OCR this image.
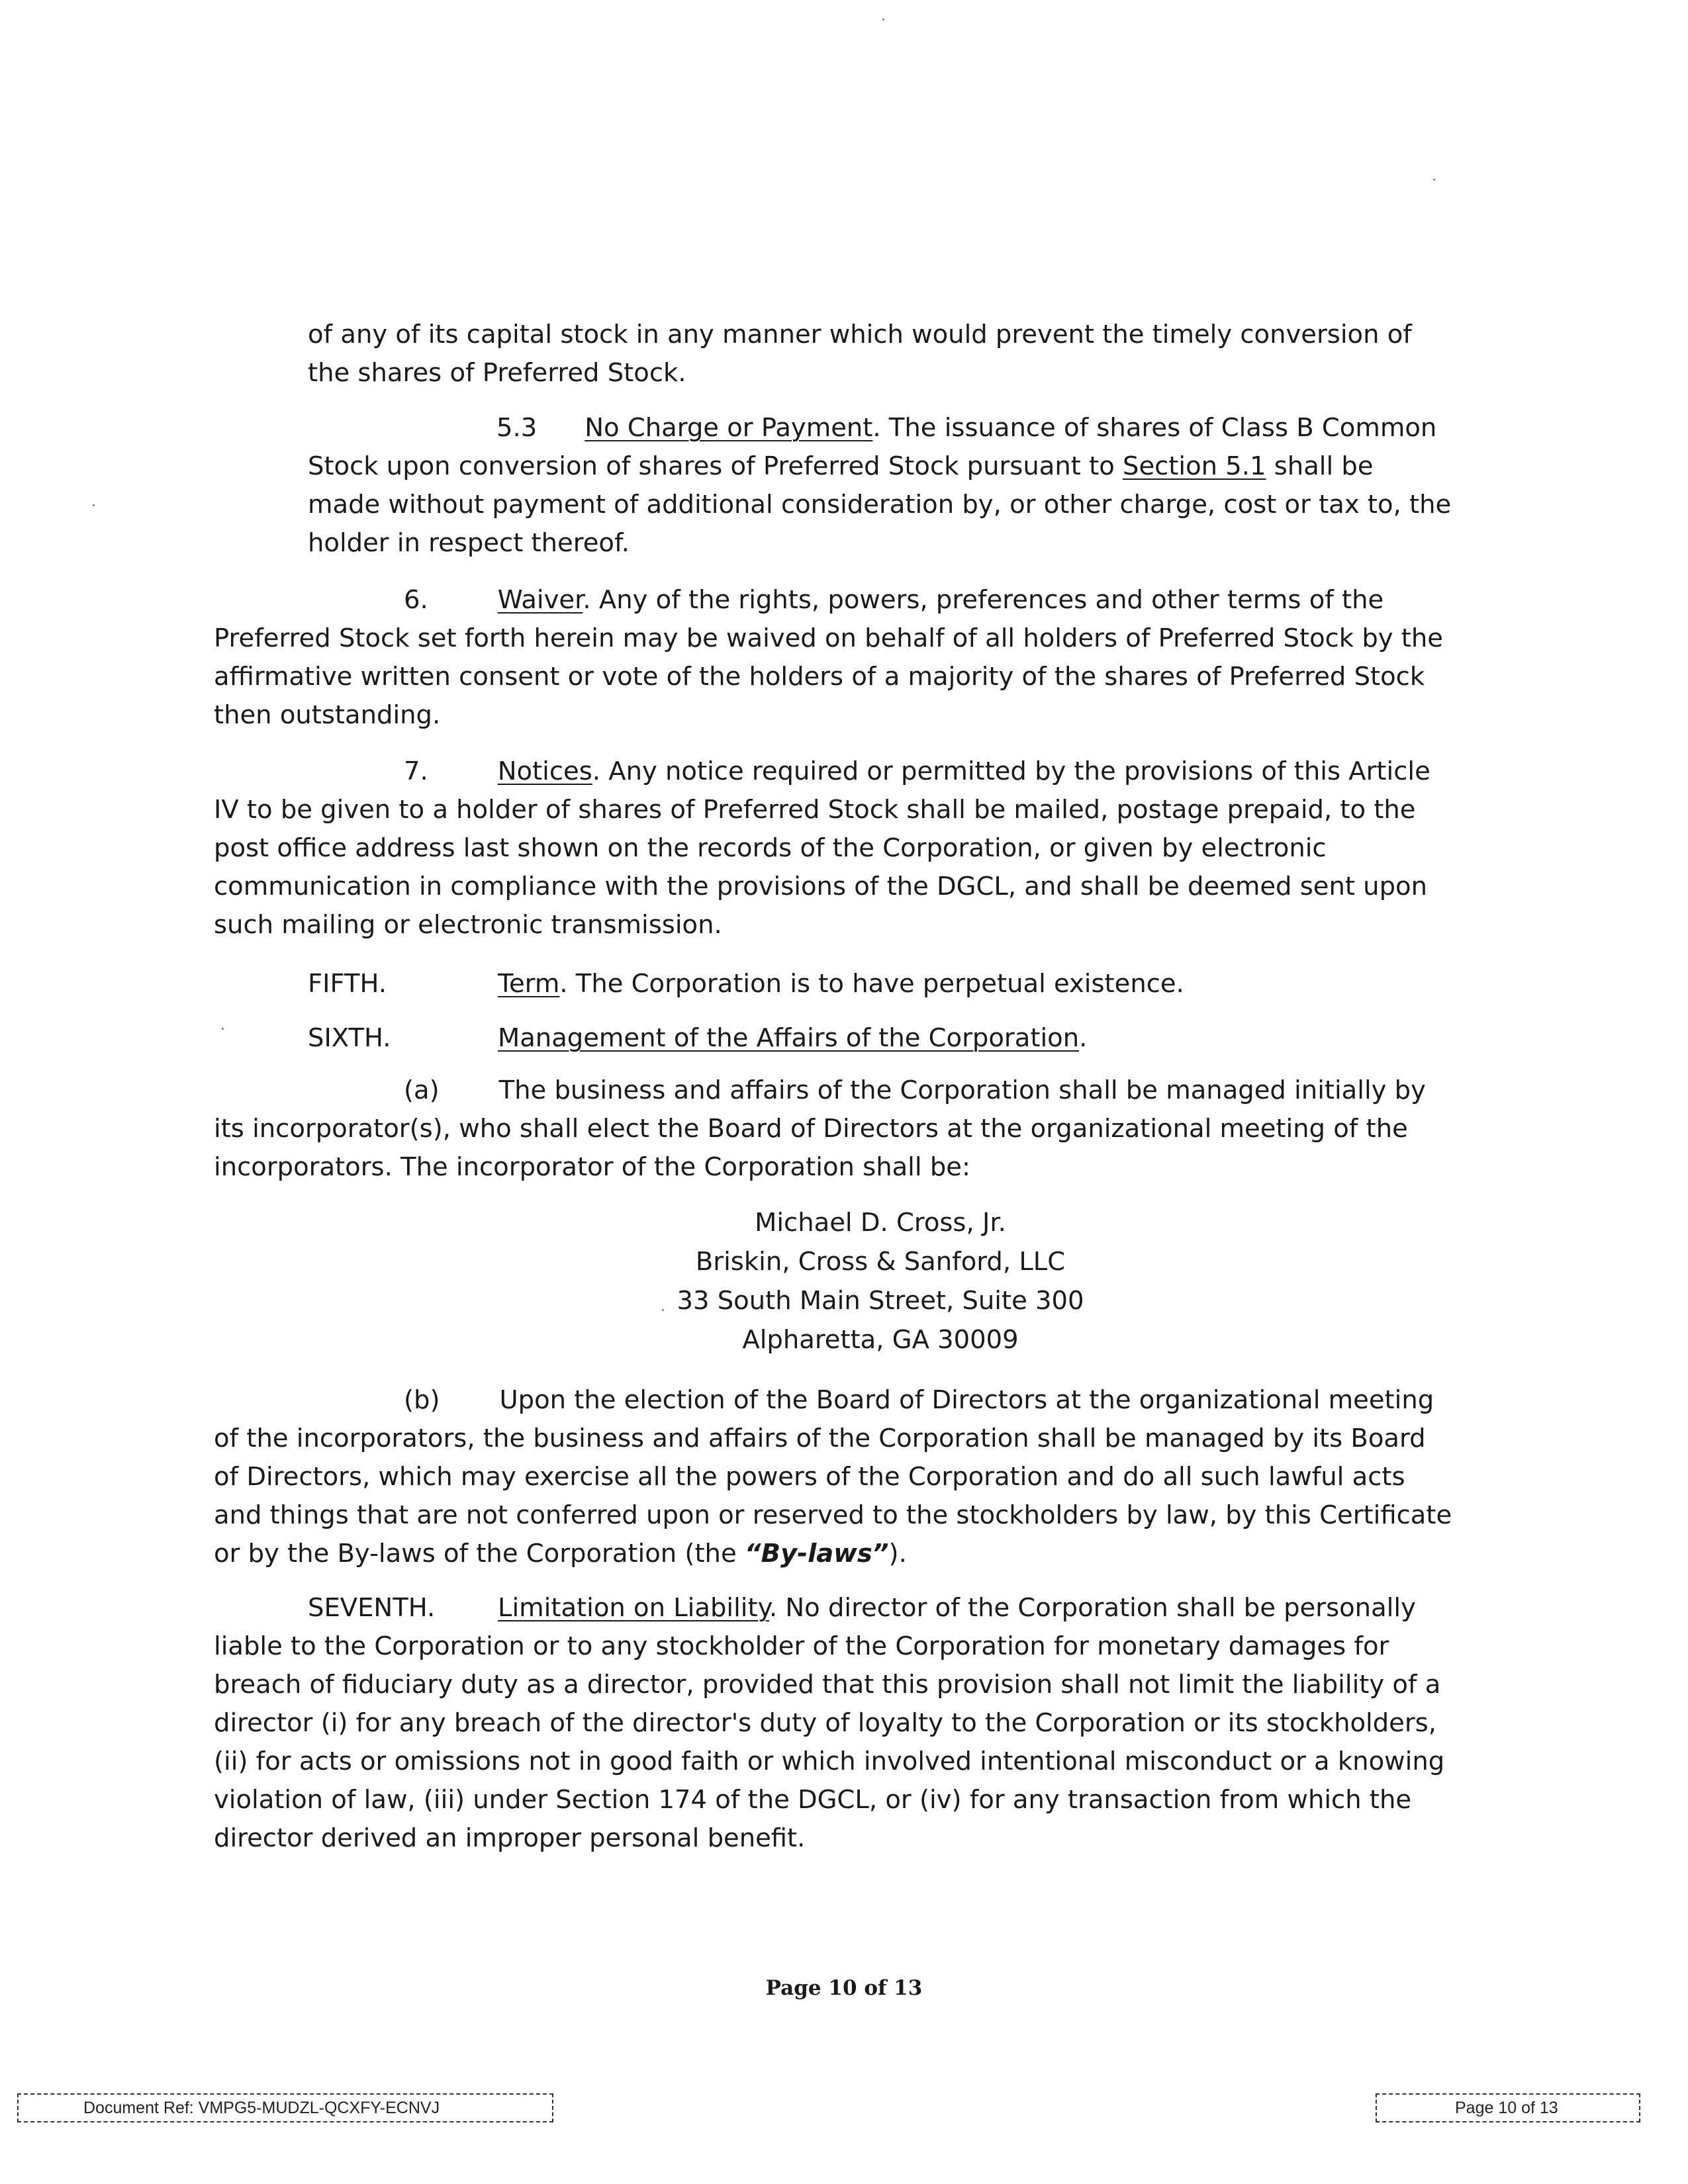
of any of its capital stock in any manner which would prevent the timely conversion of the shares of Preferred Stock.

5.3 No Charge or Payment. The issuance of shares of Class B Common Stock upon conversion of shares of Preferred Stock pursuant to Section 5.1 shall be made without payment of additional consideration by, or other charge, cost or tax to, the holder in respect thereof.

6.	Waiver. Any of the rights, powers, preferences and other terms of the Preferred Stock set forth herein may be waived on behalf of all holders of Preferred Stock by the affirmative written consent or vote of the holders of a majority of the shares of Preferred Stock then outstanding.

7.	Notices. Any notice required or permitted by the provisions of this Article IV to be given to a holder of shares of Preferred Stock shall be mailed, postage prepaid, to the post office address last shown on the records of the Corporation, or given by electronic communication in compliance with the provisions of the DGCL, and shall be deemed sent upon such mailing or electronic transmission.

FIFTH.	Term. The Corporation is to have perpetual existence.

SIXTH.	Management of the Affairs of the Corporation.

(a) The business and affairs of the Corporation shall be managed initially by its incorporator(s), who shall elect the Board of Directors at the organizational meeting of the incorporators. The incorporator of the Corporation shall be:

Michael D. Cross, Jr.
Briskin, Cross & Sanford, LLC
33 South Main Street, Suite 300
Alpharetta, GA 30009

(b) Upon the election of the Board of Directors at the organizational meeting of the incorporators, the business and affairs of the Corporation shall be managed by its Board of Directors, which may exercise all the powers of the Corporation and do all such lawful acts and things that are not conferred upon or reserved to the stockholders by law, by this Certificate or by the By-laws of the Corporation (the “By-laws”).

SEVENTH. Limitation on Liability. No director of the Corporation shall be personally liable to the Corporation or to any stockholder of the Corporation for monetary damages for breach of fiduciary duty as a director, provided that this provision shall not limit the liability of a director (i) for any breach of the director's duty of loyalty to the Corporation or its stockholders, (ii) for acts or omissions not in good faith or which involved intentional misconduct or a knowing violation of law, (iii) under Section 174 of the DGCL, or (iv) for any transaction from which the director derived an improper personal benefit.

Page 10 of 13
Document Ref: VMPG5-MUDZL-QCXFY-ECNVJ	Page 10 of 13
